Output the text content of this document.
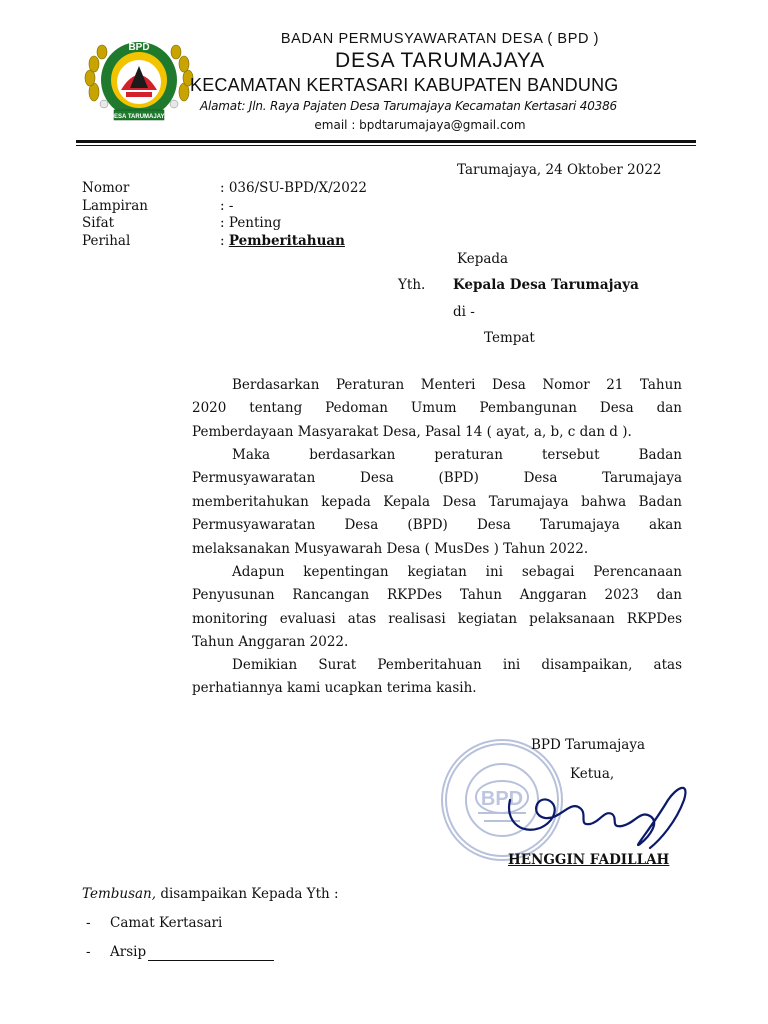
BPD
DESA TARUMAJAYA
BADAN PERMUSYAWARATAN DESA ( BPD )
DESA TARUMAJAYA
KECAMATAN KERTASARI KABUPATEN BANDUNG
Alamat: Jln. Raya Pajaten Desa Tarumajaya Kecamatan Kertasari 40386
email : bpdtarumajaya@gmail.com
Tarumajaya, 24 Oktober 2022
Nomor	: 036/SU-BPD/X/2022
Lampiran	: -
Sifat	: Penting
Perihal	: Pemberitahuan
Kepada
Yth. Kepala Desa Tarumajaya
di -
Tempat
Berdasarkan Peraturan Menteri Desa Nomor 21 Tahun
2020 tentang Pedoman Umum Pembangunan Desa dan
Pemberdayaan Masyarakat Desa, Pasal 14 ( ayat, a, b, c dan d ).
Maka berdasarkan peraturan tersebut Badan
Permusyawaratan Desa (BPD) Desa Tarumajaya
memberitahukan kepada Kepala Desa Tarumajaya bahwa Badan
Permusyawaratan Desa (BPD) Desa Tarumajaya akan
melaksanakan Musyawarah Desa ( MusDes ) Tahun 2022.
Adapun kepentingan kegiatan ini sebagai Perencanaan
Penyusunan Rancangan RKPDes Tahun Anggaran 2023 dan
monitoring evaluasi atas realisasi kegiatan pelaksanaan RKPDes
Tahun Anggaran 2022.
Demikian Surat Pemberitahuan ini disampaikan, atas
perhatiannya kami ucapkan terima kasih.
BPD
BPD Tarumajaya
Ketua,
HENGGIN FADILLAH
Tembusan, disampaikan Kepada Yth :
- Camat Kertasari
- Arsip
